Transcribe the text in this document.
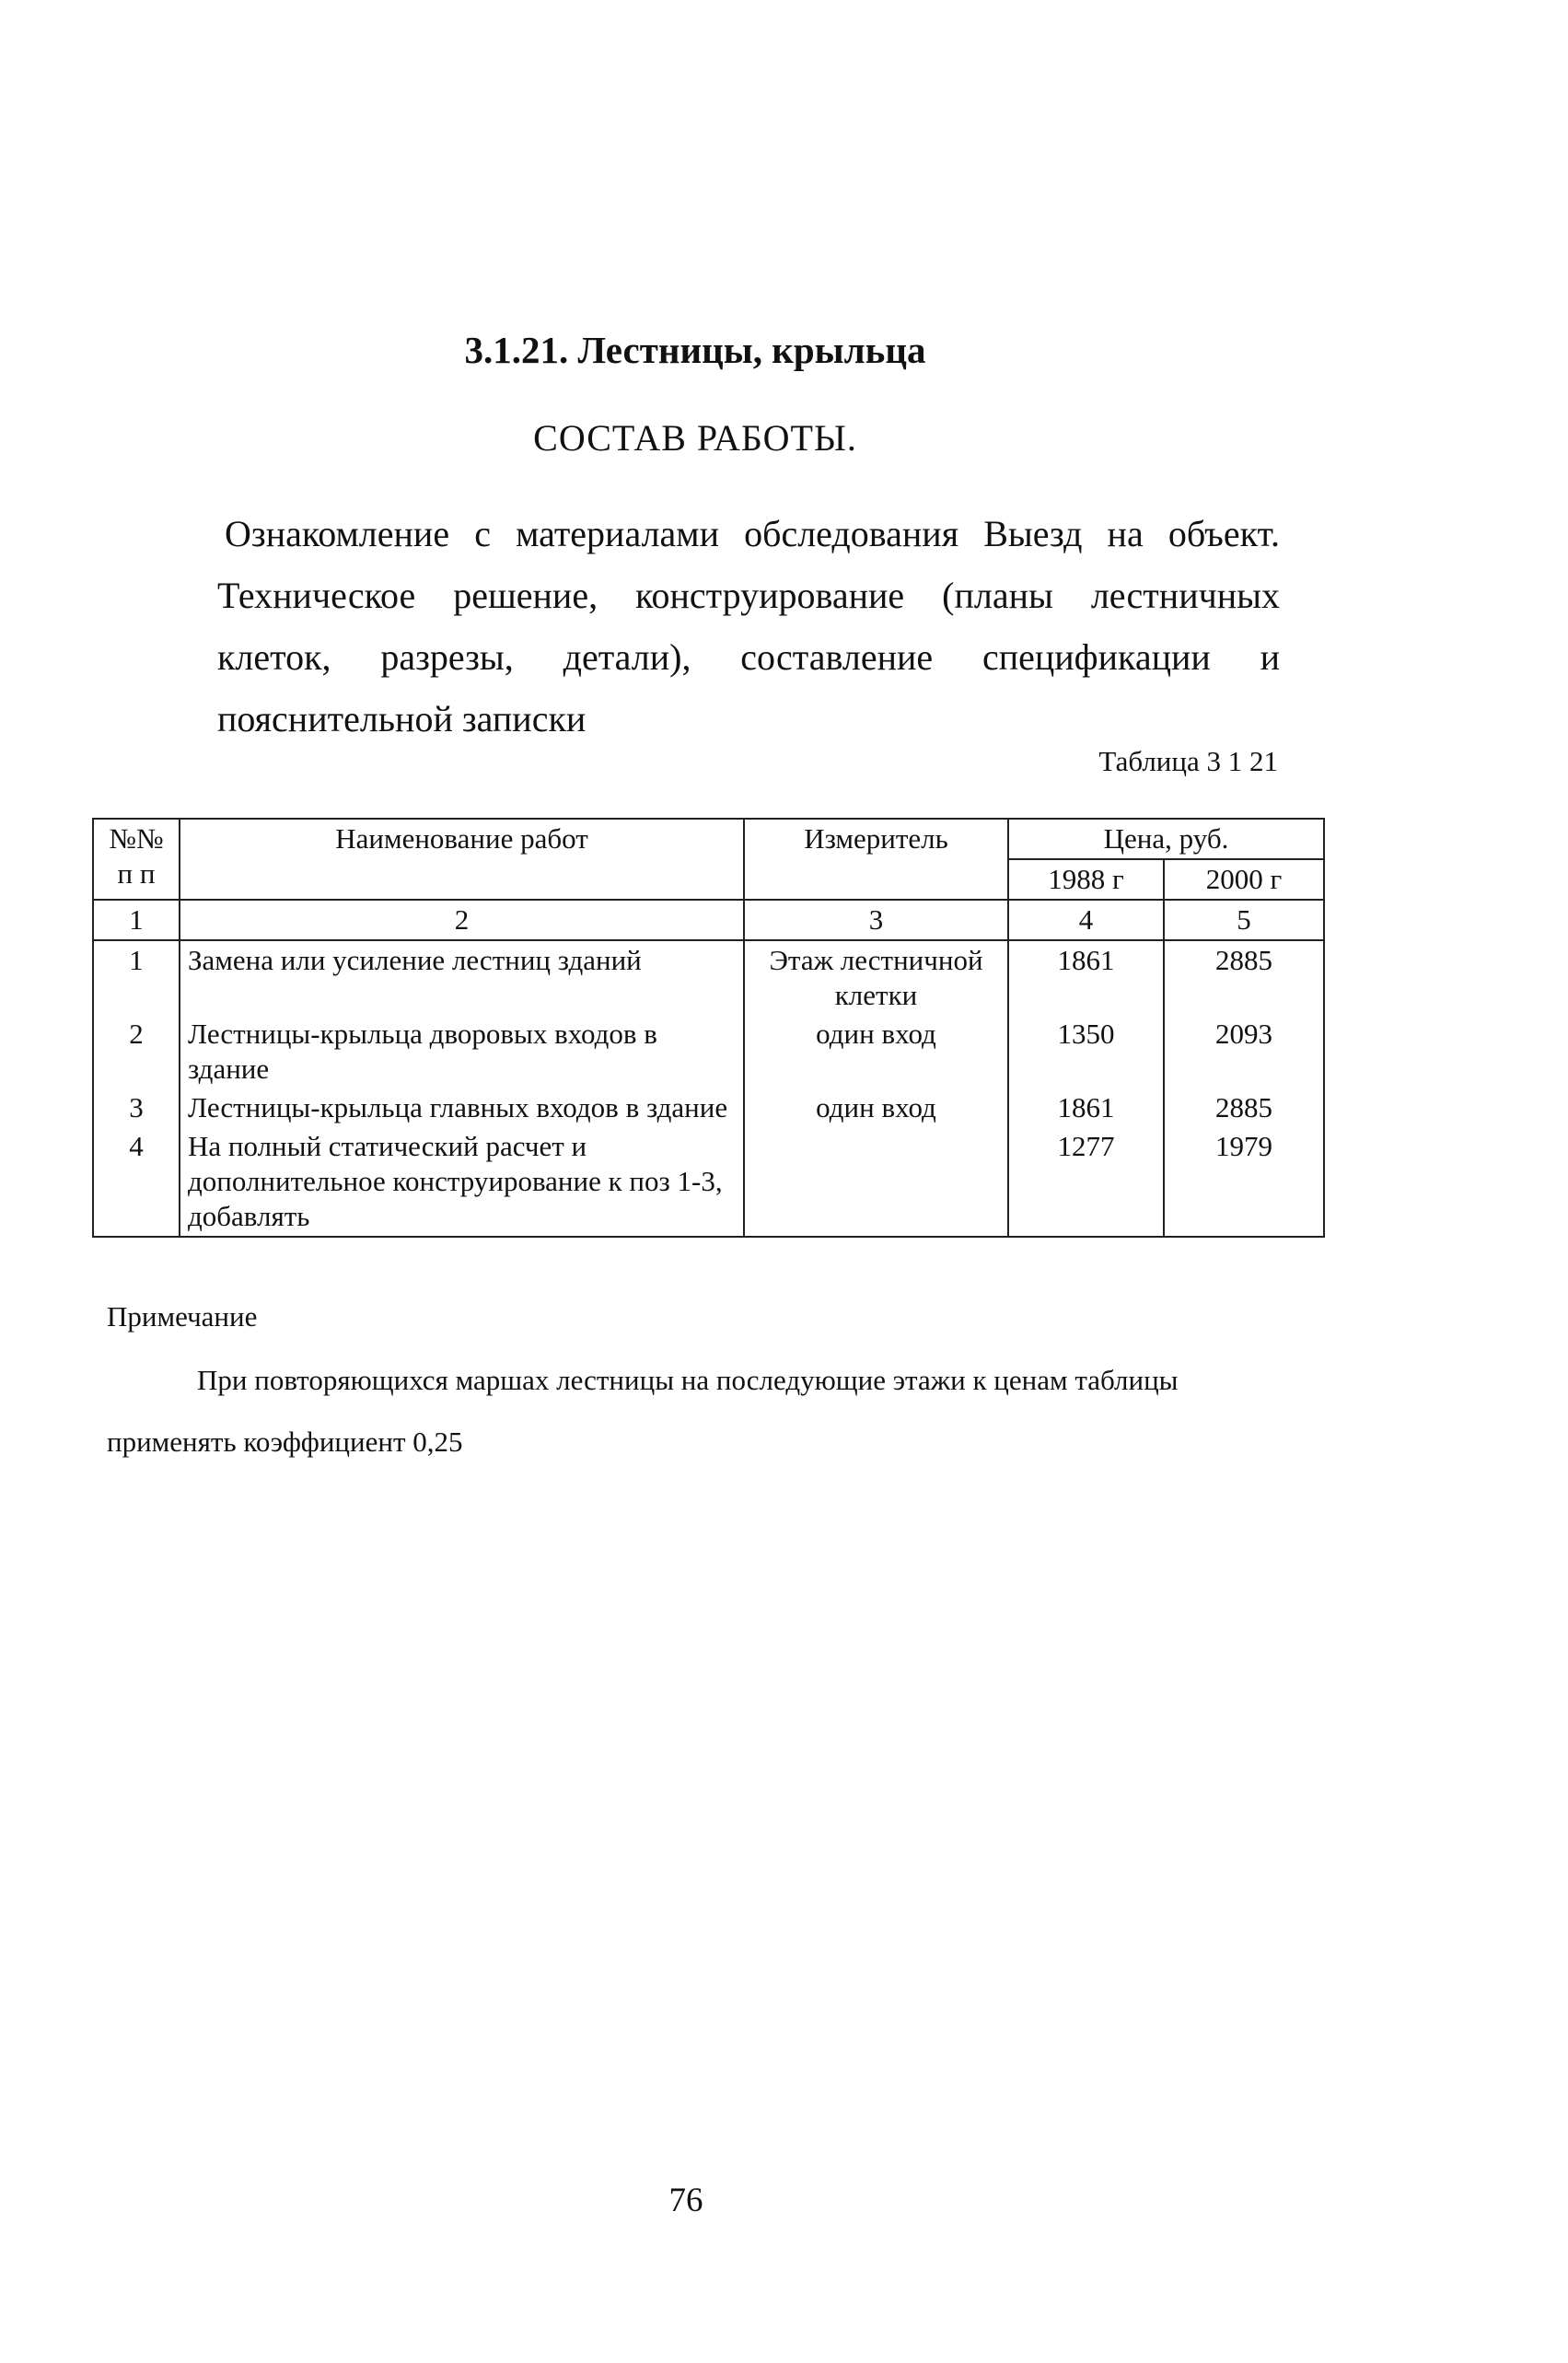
3.1.21. Лестницы, крыльца

СОСТАВ РАБОТЫ.

Ознакомление с материалами обследования Выезд на объект. Техническое решение, конструирование (планы лестничных клеток, разрезы, детали), составление спецификации и пояснительной записки

Таблица 3 1 21

№№ п п	Наименование работ	Измеритель	Цена, руб.	
			1988 г	2000 г
1	2	3	4	5
1	Замена или усиление лестниц зданий	Этаж лестничной клетки	1861	2885
2	Лестницы-крыльца дворовых входов в здание	один вход	1350	2093
3	Лестницы-крыльца главных входов в здание	один вход	1861	2885
4	На полный статический расчет и дополнительное конструирование к поз 1-3, добавлять		1277	1979

Примечание

При повторяющихся маршах лестницы на последующие этажи к ценам таблицы применять коэффициент 0,25

76
